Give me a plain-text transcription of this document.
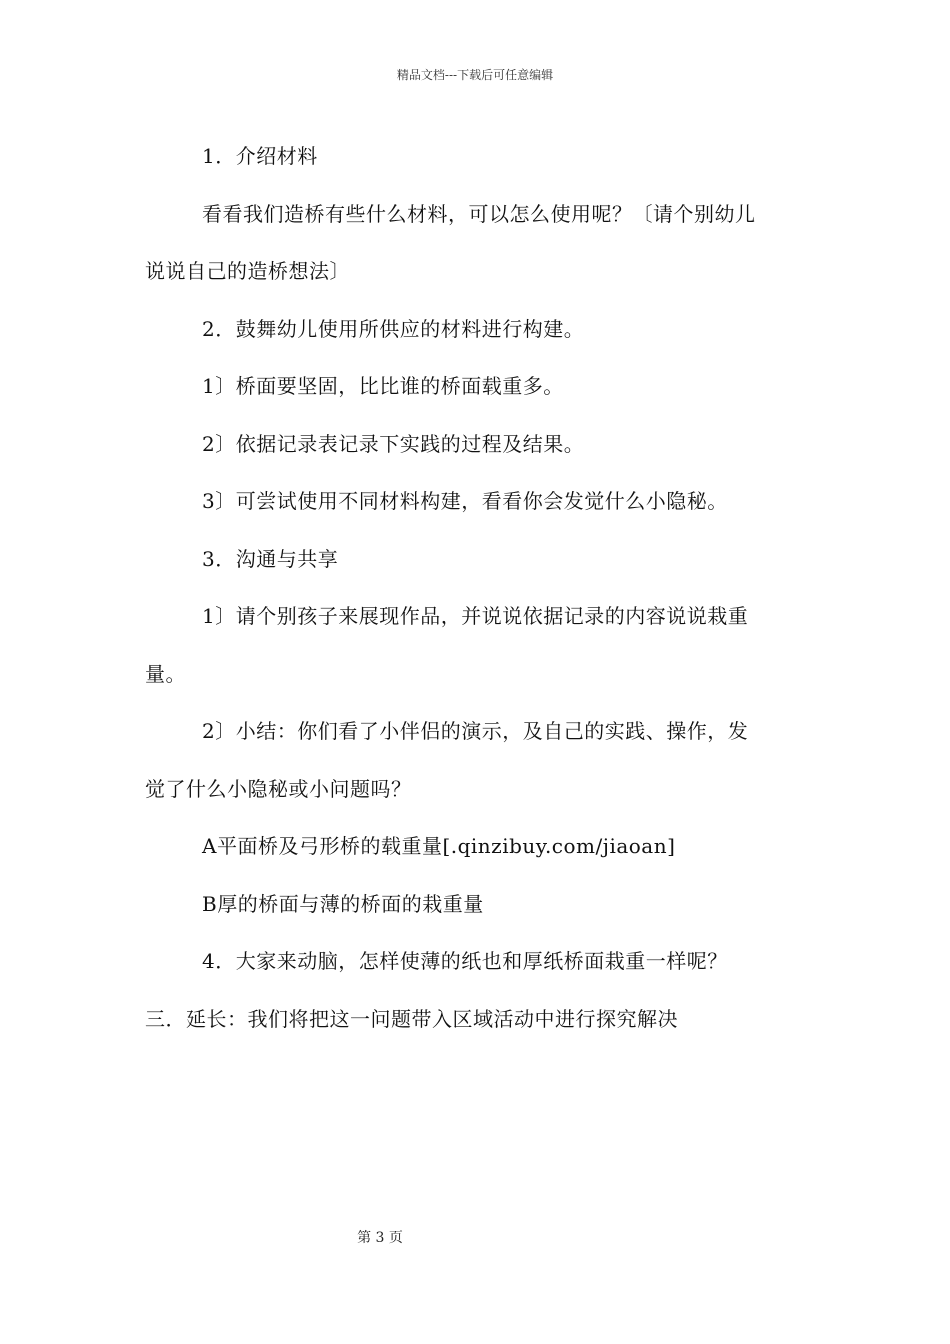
精品文档---下载后可任意编辑
1．介绍材料
看看我们造桥有些什么材料，可以怎么使用呢？〔请个别幼儿
说说自己的造桥想法〕
2．鼓舞幼儿使用所供应的材料进行构建。
1〕桥面要坚固，比比谁的桥面载重多。
2〕依据记录表记录下实践的过程及结果。
3〕可尝试使用不同材料构建，看看你会发觉什么小隐秘。
3．沟通与共享
1〕请个别孩子来展现作品，并说说依据记录的内容说说栽重
量。
2〕小结：你们看了小伴侣的演示，及自己的实践、操作，发
觉了什么小隐秘或小问题吗？
A平面桥及弓形桥的载重量[.qinzibuy.com/jiaoan]
B厚的桥面与薄的桥面的栽重量
4．大家来动脑，怎样使薄的纸也和厚纸桥面栽重一样呢？
三．延长：我们将把这一问题带入区域活动中进行探究解决
第 3 页
